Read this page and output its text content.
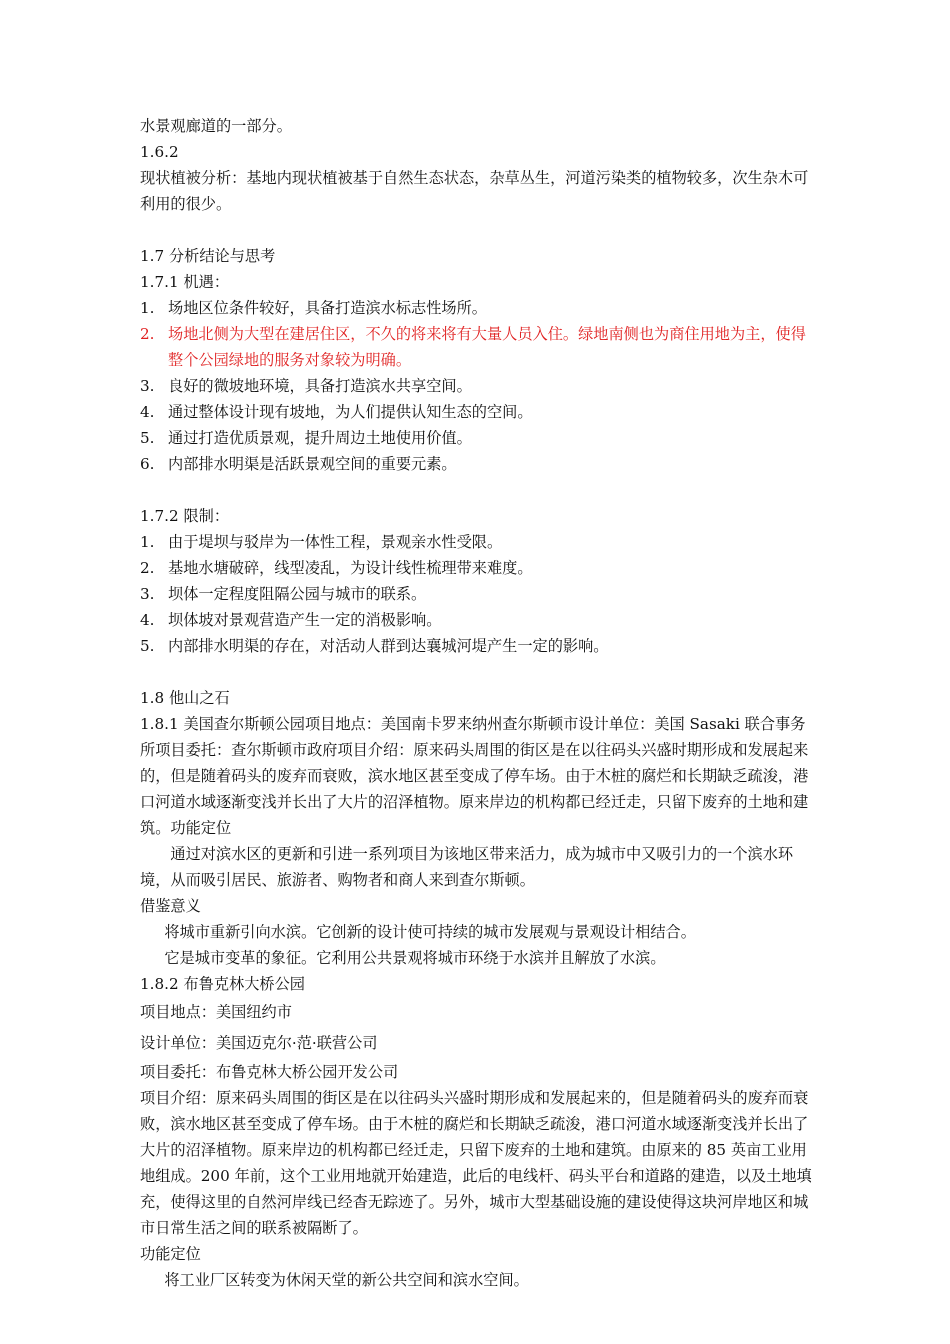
水景观廊道的一部分。

1.6.2

现状植被分析：基地内现状植被基于自然生态状态，杂草丛生，河道污染类的植物较多，次生杂木可利用的很少。

1.7 分析结论与思考

1.7.1 机遇：

1. 场地区位条件较好，具备打造滨水标志性场所。

2. 场地北侧为大型在建居住区，不久的将来将有大量人员入住。绿地南侧也为商住用地为主，使得整个公园绿地的服务对象较为明确。

3. 良好的微坡地环境，具备打造滨水共享空间。

4. 通过整体设计现有坡地，为人们提供认知生态的空间。

5. 通过打造优质景观，提升周边土地使用价值。

6. 内部排水明渠是活跃景观空间的重要元素。

1.7.2 限制：

1. 由于堤坝与驳岸为一体性工程，景观亲水性受限。

2. 基地水塘破碎，线型凌乱，为设计线性梳理带来难度。

3. 坝体一定程度阻隔公园与城市的联系。

4. 坝体坡对景观营造产生一定的消极影响。

5. 内部排水明渠的存在，对活动人群到达襄城河堤产生一定的影响。

1.8 他山之石

1.8.1 美国查尔斯顿公园项目地点：美国南卡罗来纳州查尔斯顿市设计单位：美国 Sasaki 联合事务所项目委托：查尔斯顿市政府项目介绍：原来码头周围的街区是在以往码头兴盛时期形成和发展起来的，但是随着码头的废弃而衰败，滨水地区甚至变成了停车场。由于木桩的腐烂和长期缺乏疏浚，港口河道水域逐渐变浅并长出了大片的沼泽植物。原来岸边的机构都已经迁走，只留下废弃的土地和建筑。功能定位

通过对滨水区的更新和引进一系列项目为该地区带来活力，成为城市中又吸引力的一个滨水环境，从而吸引居民、旅游者、购物者和商人来到查尔斯顿。

借鉴意义

将城市重新引向水滨。它创新的设计使可持续的城市发展观与景观设计相结合。

它是城市变革的象征。它利用公共景观将城市环绕于水滨并且解放了水滨。

1.8.2 布鲁克林大桥公园

项目地点：美国纽约市

设计单位：美国迈克尔·范·联营公司

项目委托：布鲁克林大桥公园开发公司

项目介绍：原来码头周围的街区是在以往码头兴盛时期形成和发展起来的，但是随着码头的废弃而衰败，滨水地区甚至变成了停车场。由于木桩的腐烂和长期缺乏疏浚，港口河道水域逐渐变浅并长出了大片的沼泽植物。原来岸边的机构都已经迁走，只留下废弃的土地和建筑。由原来的 85 英亩工业用地组成。200 年前，这个工业用地就开始建造，此后的电线杆、码头平台和道路的建造，以及土地填充，使得这里的自然河岸线已经杳无踪迹了。另外，城市大型基础设施的建设使得这块河岸地区和城市日常生活之间的联系被隔断了。

功能定位

将工业厂区转变为休闲天堂的新公共空间和滨水空间。
